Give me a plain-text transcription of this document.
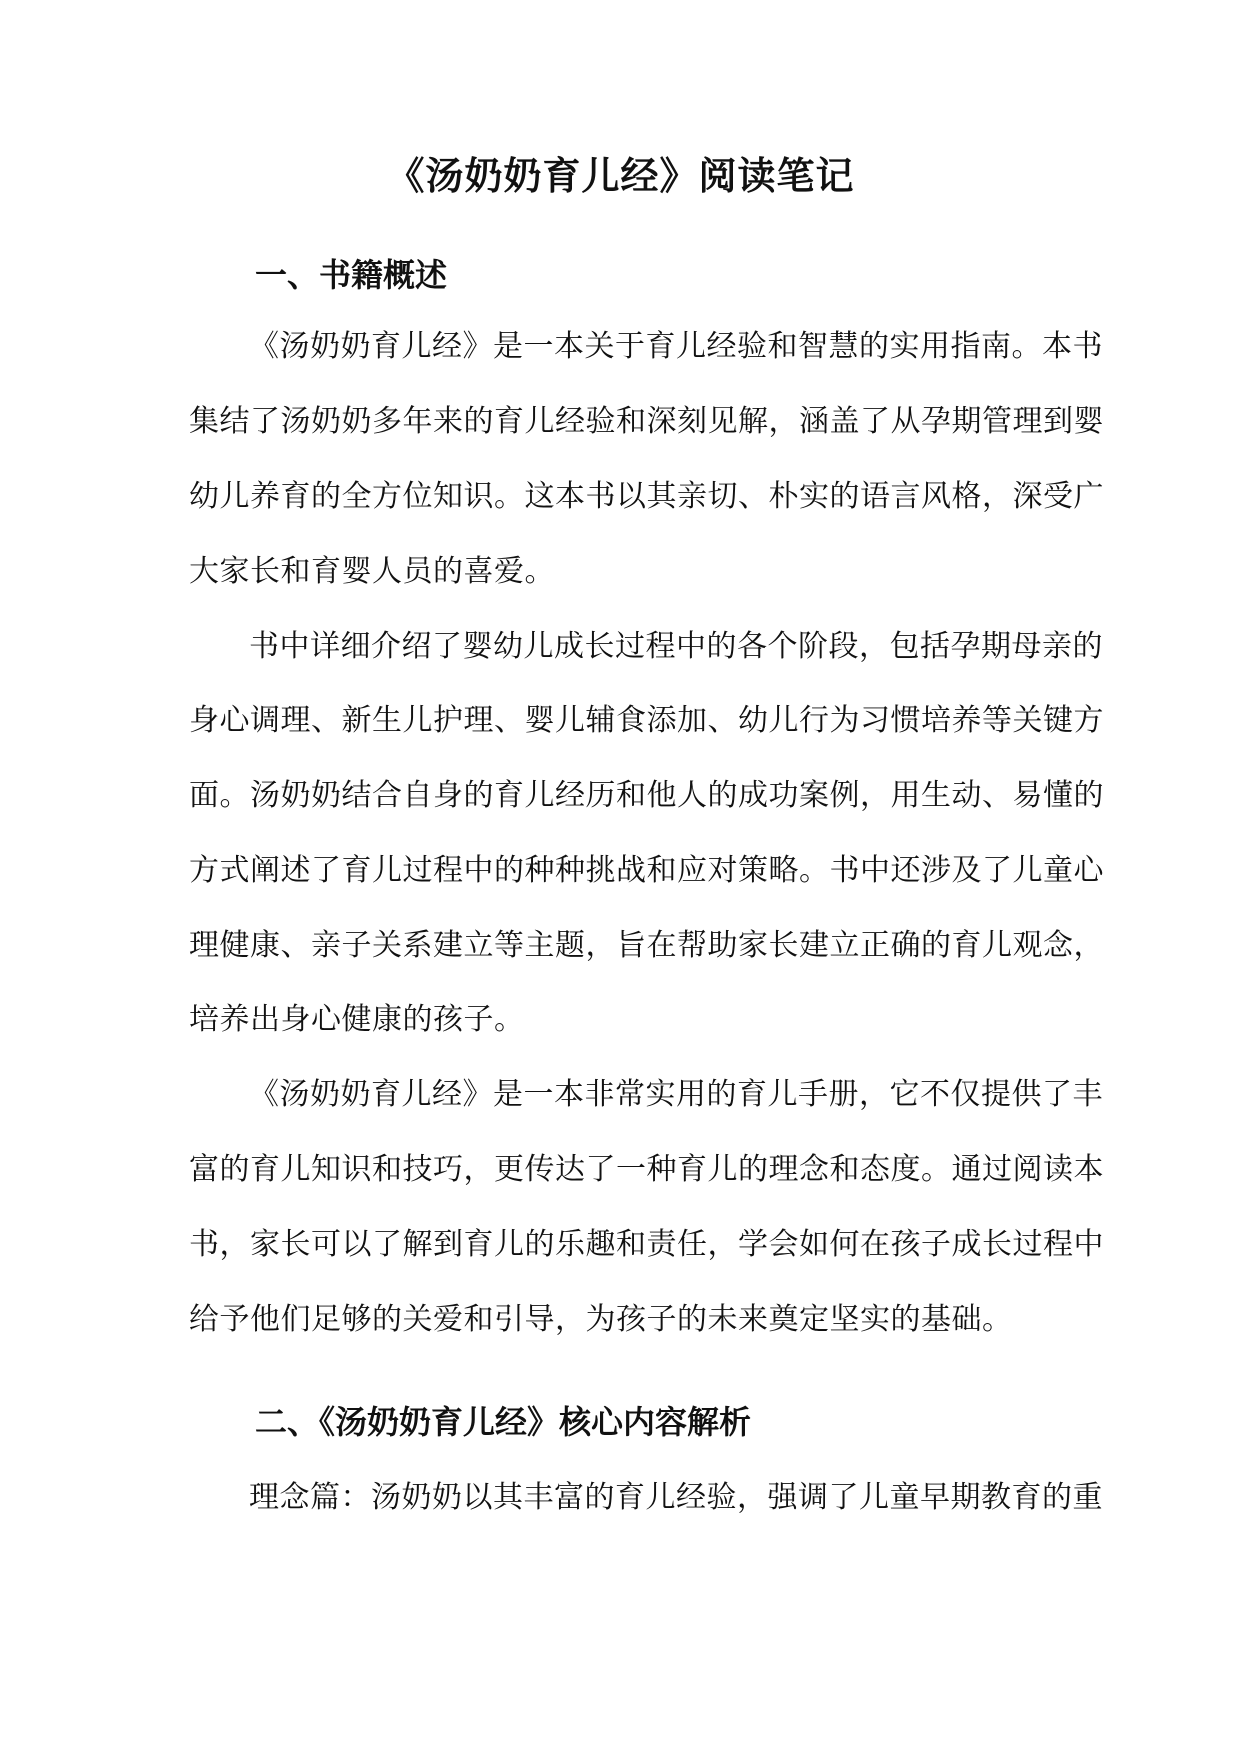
《汤奶奶育儿经》阅读笔记
一、书籍概述

《汤奶奶育儿经》是一本关于育儿经验和智慧的实用指南。本书

集结了汤奶奶多年来的育儿经验和深刻见解，涵盖了从孕期管理到婴

幼儿养育的全方位知识。这本书以其亲切、朴实的语言风格，深受广

大家长和育婴人员的喜爱。

书中详细介绍了婴幼儿成长过程中的各个阶段，包括孕期母亲的

身心调理、新生儿护理、婴儿辅食添加、幼儿行为习惯培养等关键方

面。汤奶奶结合自身的育儿经历和他人的成功案例，用生动、易懂的

方式阐述了育儿过程中的种种挑战和应对策略。书中还涉及了儿童心

理健康、亲子关系建立等主题，旨在帮助家长建立正确的育儿观念，

培养出身心健康的孩子。

《汤奶奶育儿经》是一本非常实用的育儿手册，它不仅提供了丰

富的育儿知识和技巧，更传达了一种育儿的理念和态度。通过阅读本

书，家长可以了解到育儿的乐趣和责任，学会如何在孩子成长过程中

给予他们足够的关爱和引导，为孩子的未来奠定坚实的基础。

二、《汤奶奶育儿经》核心内容解析

理念篇：汤奶奶以其丰富的育儿经验，强调了儿童早期教育的重
